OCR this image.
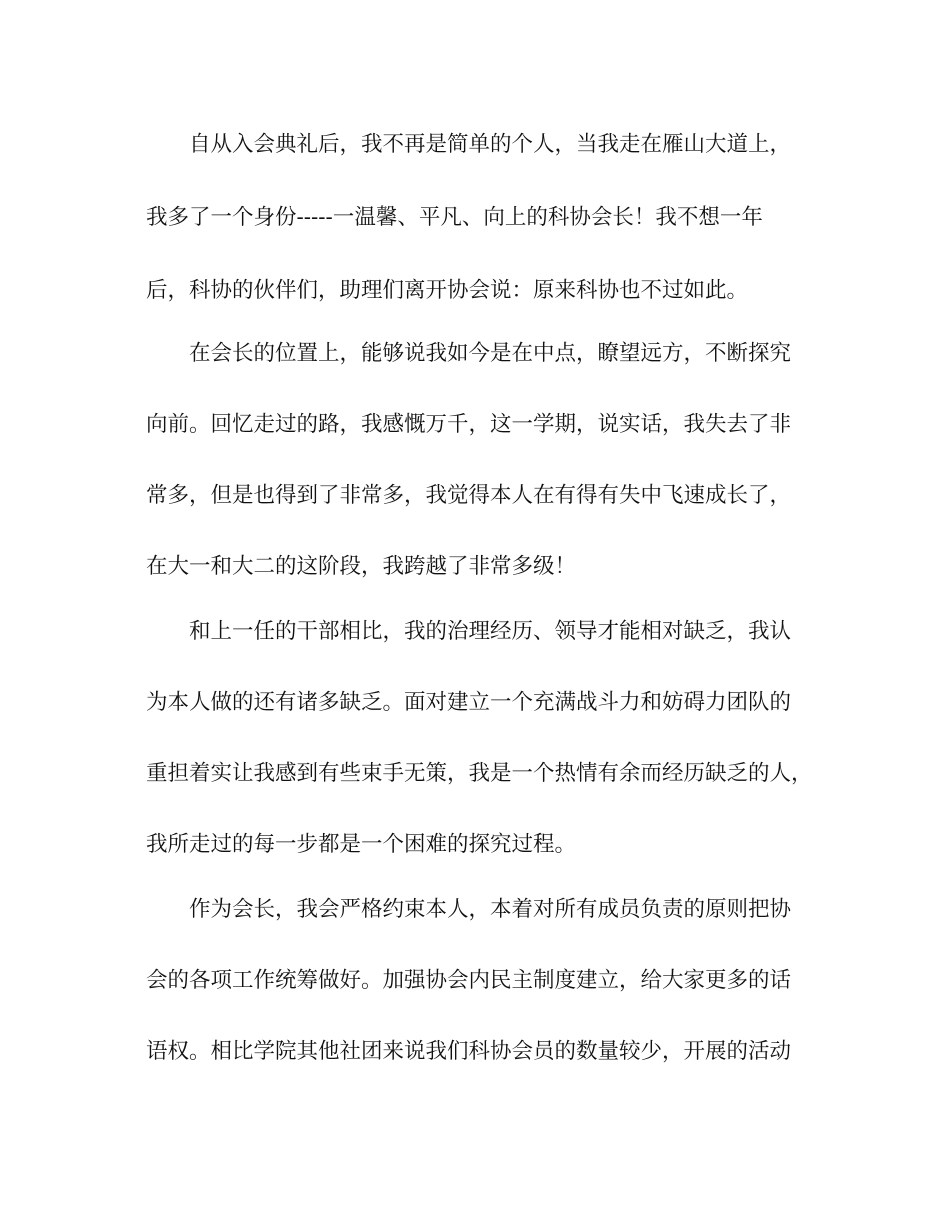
自从入会典礼后，我不再是简单的个人，当我走在雁山大道上，
我多了一个身份-----一温馨、平凡、向上的科协会长！我不想一年
后，科协的伙伴们，助理们离开协会说：原来科协也不过如此。
在会长的位置上，能够说我如今是在中点，瞭望远方，不断探究
向前。回忆走过的路，我感慨万千，这一学期，说实话，我失去了非
常多，但是也得到了非常多，我觉得本人在有得有失中飞速成长了，
在大一和大二的这阶段，我跨越了非常多级！
和上一任的干部相比，我的治理经历、领导才能相对缺乏，我认
为本人做的还有诸多缺乏。面对建立一个充满战斗力和妨碍力团队的
重担着实让我感到有些束手无策，我是一个热情有余而经历缺乏的人，
我所走过的每一步都是一个困难的探究过程。
作为会长，我会严格约束本人，本着对所有成员负责的原则把协
会的各项工作统筹做好。加强协会内民主制度建立，给大家更多的话
语权。相比学院其他社团来说我们科协会员的数量较少，开展的活动
